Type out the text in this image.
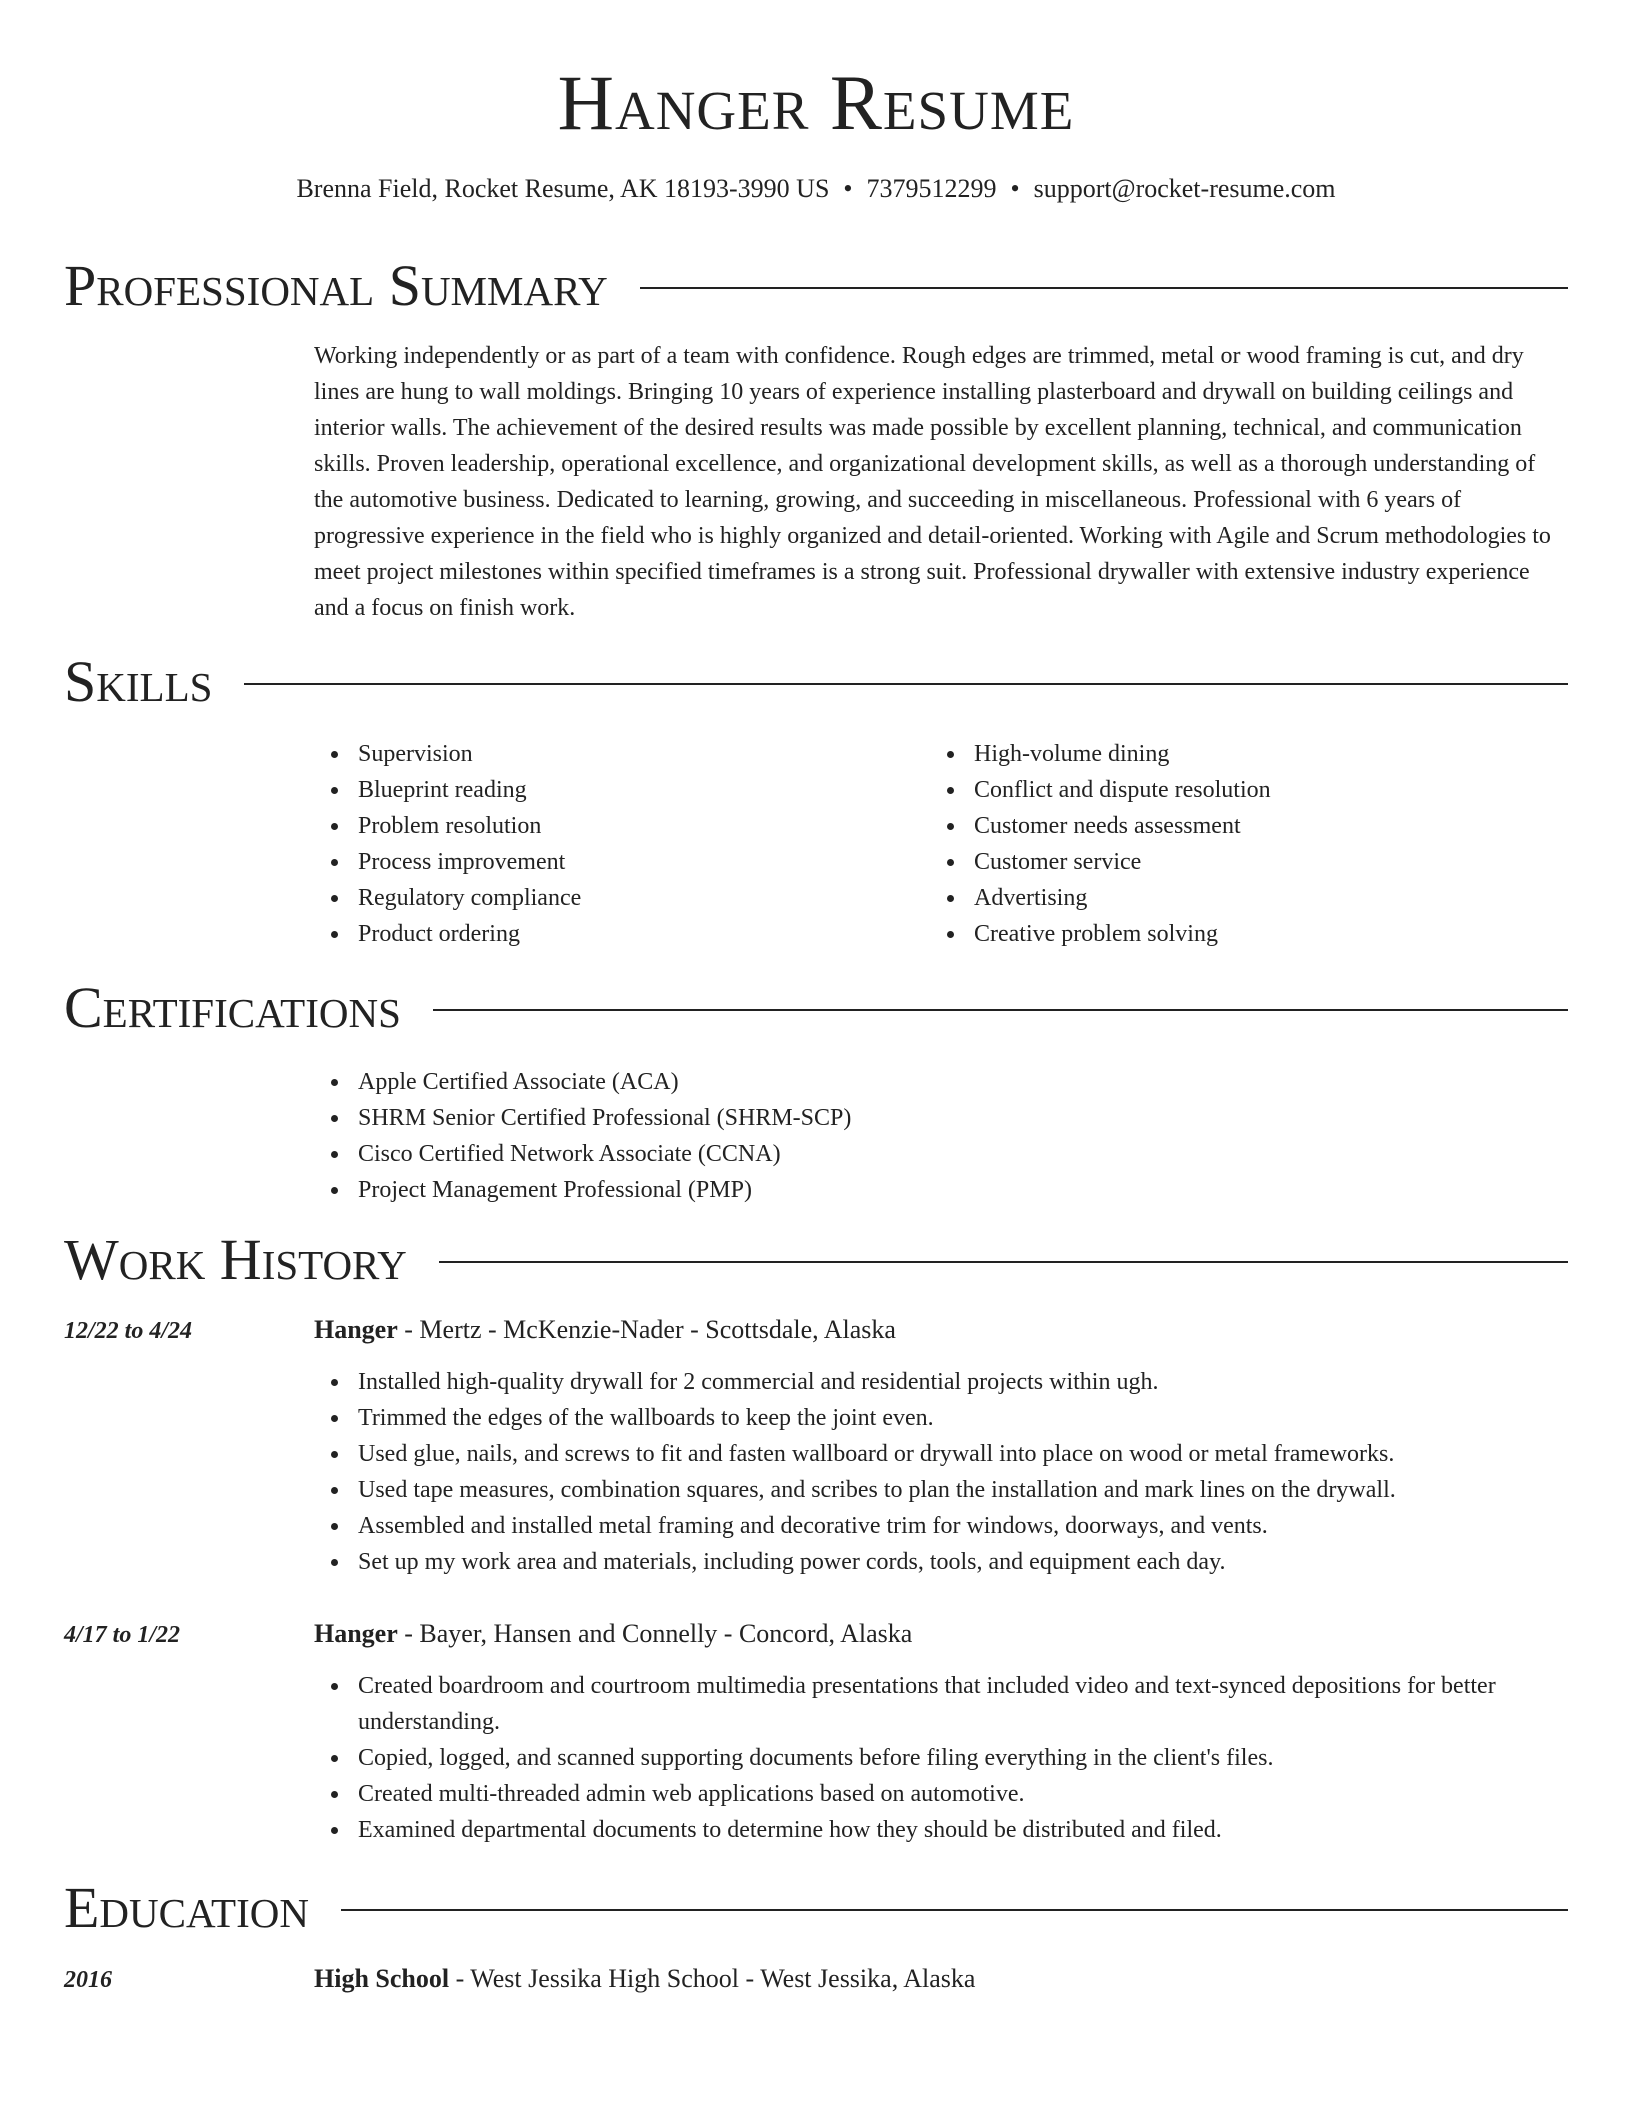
Hanger Resume
Brenna Field, Rocket Resume, AK 18193-3990 US • 7379512299 • support@rocket-resume.com
Professional Summary
Working independently or as part of a team with confidence. Rough edges are trimmed, metal or wood framing is cut, and dry lines are hung to wall moldings. Bringing 10 years of experience installing plasterboard and drywall on building ceilings and interior walls. The achievement of the desired results was made possible by excellent planning, technical, and communication skills. Proven leadership, operational excellence, and organizational development skills, as well as a thorough understanding of the automotive business. Dedicated to learning, growing, and succeeding in miscellaneous. Professional with 6 years of progressive experience in the field who is highly organized and detail-oriented. Working with Agile and Scrum methodologies to meet project milestones within specified timeframes is a strong suit. Professional drywaller with extensive industry experience and a focus on finish work.
Skills
Supervision
Blueprint reading
Problem resolution
Process improvement
Regulatory compliance
Product ordering
High-volume dining
Conflict and dispute resolution
Customer needs assessment
Customer service
Advertising
Creative problem solving
Certifications
Apple Certified Associate (ACA)
SHRM Senior Certified Professional (SHRM-SCP)
Cisco Certified Network Associate (CCNA)
Project Management Professional (PMP)
Work History
12/22 to 4/24	Hanger - Mertz - McKenzie-Nader - Scottsdale, Alaska
Installed high-quality drywall for 2 commercial and residential projects within ugh.
Trimmed the edges of the wallboards to keep the joint even.
Used glue, nails, and screws to fit and fasten wallboard or drywall into place on wood or metal frameworks.
Used tape measures, combination squares, and scribes to plan the installation and mark lines on the drywall.
Assembled and installed metal framing and decorative trim for windows, doorways, and vents.
Set up my work area and materials, including power cords, tools, and equipment each day.
4/17 to 1/22	Hanger - Bayer, Hansen and Connelly - Concord, Alaska
Created boardroom and courtroom multimedia presentations that included video and text-synced depositions for better understanding.
Copied, logged, and scanned supporting documents before filing everything in the client's files.
Created multi-threaded admin web applications based on automotive.
Examined departmental documents to determine how they should be distributed and filed.
Education
2016	High School - West Jessika High School - West Jessika, Alaska
